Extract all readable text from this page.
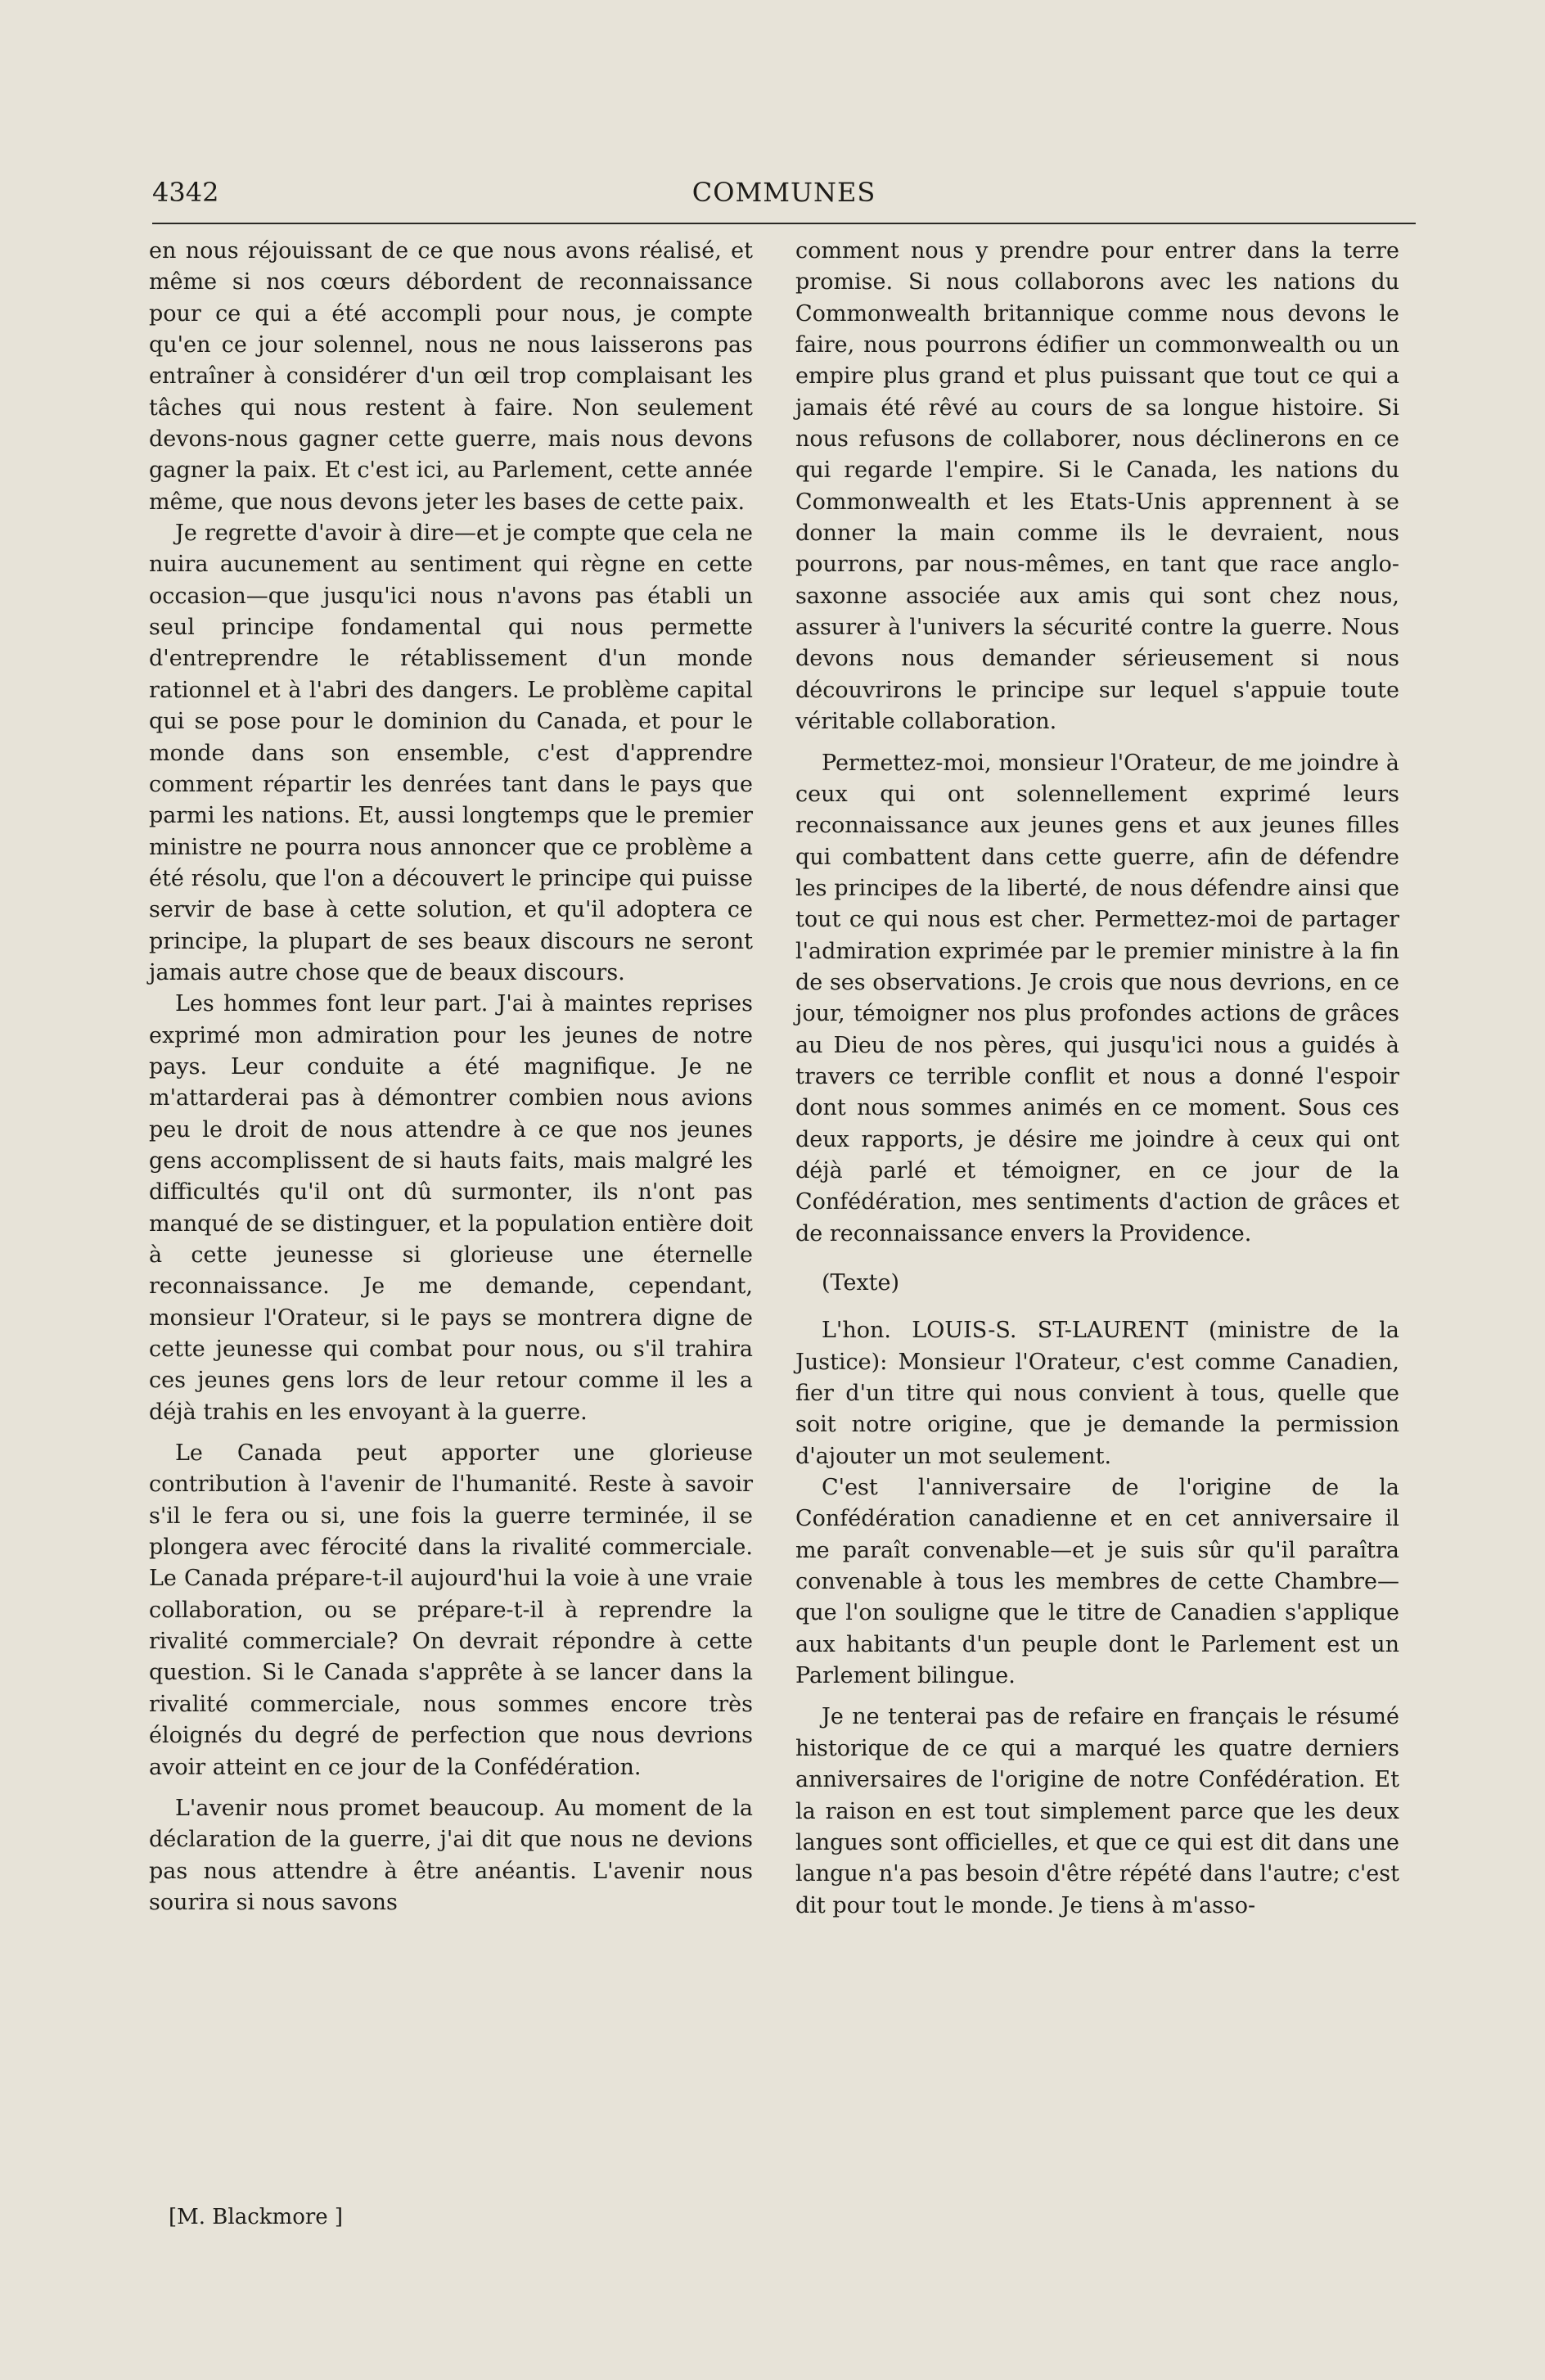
4342	COMMUNES

en nous réjouissant de ce que nous avons réalisé, et même si nos cœurs débordent de reconnaissance pour ce qui a été accompli pour nous, je compte qu'en ce jour solennel, nous ne nous laisserons pas entraîner à considérer d'un œil trop complaisant les tâches qui nous restent à faire. Non seulement devons-nous gagner cette guerre, mais nous devons gagner la paix. Et c'est ici, au Parlement, cette année même, que nous devons jeter les bases de cette paix.

Je regrette d'avoir à dire—et je compte que cela ne nuira aucunement au sentiment qui règne en cette occasion—que jusqu'ici nous n'avons pas établi un seul principe fondamental qui nous permette d'entreprendre le rétablissement d'un monde rationnel et à l'abri des dangers. Le problème capital qui se pose pour le dominion du Canada, et pour le monde dans son ensemble, c'est d'apprendre comment répartir les denrées tant dans le pays que parmi les nations. Et, aussi longtemps que le premier ministre ne pourra nous annoncer que ce problème a été résolu, que l'on a découvert le principe qui puisse servir de base à cette solution, et qu'il adoptera ce principe, la plupart de ses beaux discours ne seront jamais autre chose que de beaux discours.

Les hommes font leur part. J'ai à maintes reprises exprimé mon admiration pour les jeunes de notre pays. Leur conduite a été magnifique. Je ne m'attarderai pas à démontrer combien nous avions peu le droit de nous attendre à ce que nos jeunes gens accomplissent de si hauts faits, mais malgré les difficultés qu'il ont dû surmonter, ils n'ont pas manqué de se distinguer, et la population entière doit à cette jeunesse si glorieuse une éternelle reconnaissance. Je me demande, cependant, monsieur l'Orateur, si le pays se montrera digne de cette jeunesse qui combat pour nous, ou s'il trahira ces jeunes gens lors de leur retour comme il les a déjà trahis en les envoyant à la guerre.

Le Canada peut apporter une glorieuse contribution à l'avenir de l'humanité. Reste à savoir s'il le fera ou si, une fois la guerre terminée, il se plongera avec férocité dans la rivalité commerciale. Le Canada prépare-t-il aujourd'hui la voie à une vraie collaboration, ou se prépare-t-il à reprendre la rivalité commerciale? On devrait répondre à cette question. Si le Canada s'apprête à se lancer dans la rivalité commerciale, nous sommes encore très éloignés du degré de perfection que nous devrions avoir atteint en ce jour de la Confédération.

L'avenir nous promet beaucoup. Au moment de la déclaration de la guerre, j'ai dit que nous ne devions pas nous attendre à être anéantis. L'avenir nous sourira si nous savons

comment nous y prendre pour entrer dans la terre promise. Si nous collaborons avec les nations du Commonwealth britannique comme nous devons le faire, nous pourrons édifier un commonwealth ou un empire plus grand et plus puissant que tout ce qui a jamais été rêvé au cours de sa longue histoire. Si nous refusons de collaborer, nous déclinerons en ce qui regarde l'empire. Si le Canada, les nations du Commonwealth et les Etats-Unis apprennent à se donner la main comme ils le devraient, nous pourrons, par nous-mêmes, en tant que race anglo-saxonne associée aux amis qui sont chez nous, assurer à l'univers la sécurité contre la guerre. Nous devons nous demander sérieusement si nous découvrirons le principe sur lequel s'appuie toute véritable collaboration.

Permettez-moi, monsieur l'Orateur, de me joindre à ceux qui ont solennellement exprimé leurs reconnaissance aux jeunes gens et aux jeunes filles qui combattent dans cette guerre, afin de défendre les principes de la liberté, de nous défendre ainsi que tout ce qui nous est cher. Permettez-moi de partager l'admiration exprimée par le premier ministre à la fin de ses observations. Je crois que nous devrions, en ce jour, témoigner nos plus profondes actions de grâces au Dieu de nos pères, qui jusqu'ici nous a guidés à travers ce terrible conflit et nous a donné l'espoir dont nous sommes animés en ce moment. Sous ces deux rapports, je désire me joindre à ceux qui ont déjà parlé et témoigner, en ce jour de la Confédération, mes sentiments d'action de grâces et de reconnaissance envers la Providence.

(Texte)

L'hon. LOUIS-S. ST-LAURENT (ministre de la Justice): Monsieur l'Orateur, c'est comme Canadien, fier d'un titre qui nous convient à tous, quelle que soit notre origine, que je demande la permission d'ajouter un mot seulement.

C'est l'anniversaire de l'origine de la Confédération canadienne et en cet anniversaire il me paraît convenable—et je suis sûr qu'il paraîtra convenable à tous les membres de cette Chambre—que l'on souligne que le titre de Canadien s'applique aux habitants d'un peuple dont le Parlement est un Parlement bilingue.

Je ne tenterai pas de refaire en français le résumé historique de ce qui a marqué les quatre derniers anniversaires de l'origine de notre Confédération. Et la raison en est tout simplement parce que les deux langues sont officielles, et que ce qui est dit dans une langue n'a pas besoin d'être répété dans l'autre; c'est dit pour tout le monde. Je tiens à m'asso-

[M. Blackmore ]
